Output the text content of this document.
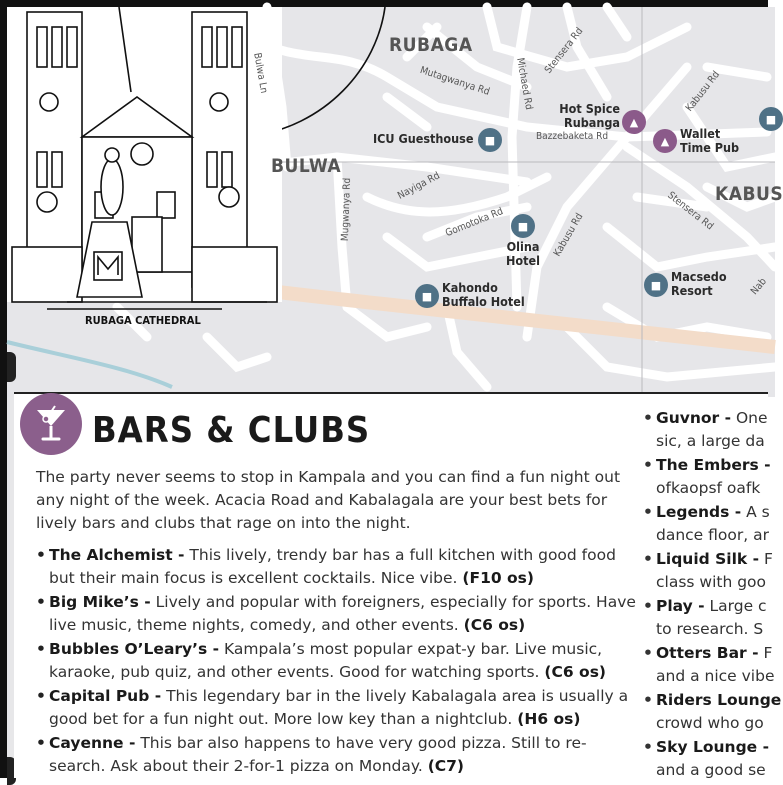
RUBAGA
BULWA
KABUS
Bulwa Ln	Mutagwanya Rd Michaed Rd
Stensera Rd
Kabusu Rd
Bazzebaketa Rd
Nayiga Rd
Mugwanya Rd	Gomotoka Rd	Kabusu Rd
Stensera Rd
Nab
ICU Guesthouse	■
Hot Spice
Rubanga ▲
▲ Wallet
Time Pub
■
Olina
Hotel
■
Kahondo
Buffalo Hotel
■
Macsedo
Resort
■
RUBAGA CATHEDRAL
BARS & CLUBS

The party never seems to stop in Kampala and you can find a fun night out any night of the week. Acacia Road and Kabalagala are your best bets for lively bars and clubs that rage on into the night.

• The Alchemist - This lively, trendy bar has a full kitchen with good food but their main focus is excellent cocktails. Nice vibe. (F10 os)
• Big Mike’s - Lively and popular with foreigners, especially for sports. Have live music, theme nights, comedy, and other events. (C6 os)
• Bubbles O’Leary’s - Kampala’s most popular expat-y bar. Live music, karaoke, pub quiz, and other events. Good for watching sports. (C6 os)
• Capital Pub - This legendary bar in the lively Kabalagala area is usually a good bet for a fun night out. More low key than a nightclub. (H6 os)
• Cayenne - This bar also happens to have very good pizza. Still to re-search. Ask about their 2-for-1 pizza on Monday. (C7)
• Guvnor - One
sic, a large da
• The Embers -
ofkaopsf oafk
• Legends - A s
dance floor, ar
• Liquid Silk - F
class with goo
• Play - Large c
to research. S
• Otters Bar - F
and a nice vibe
• Riders Lounge
crowd who go
• Sky Lounge -
and a good se
